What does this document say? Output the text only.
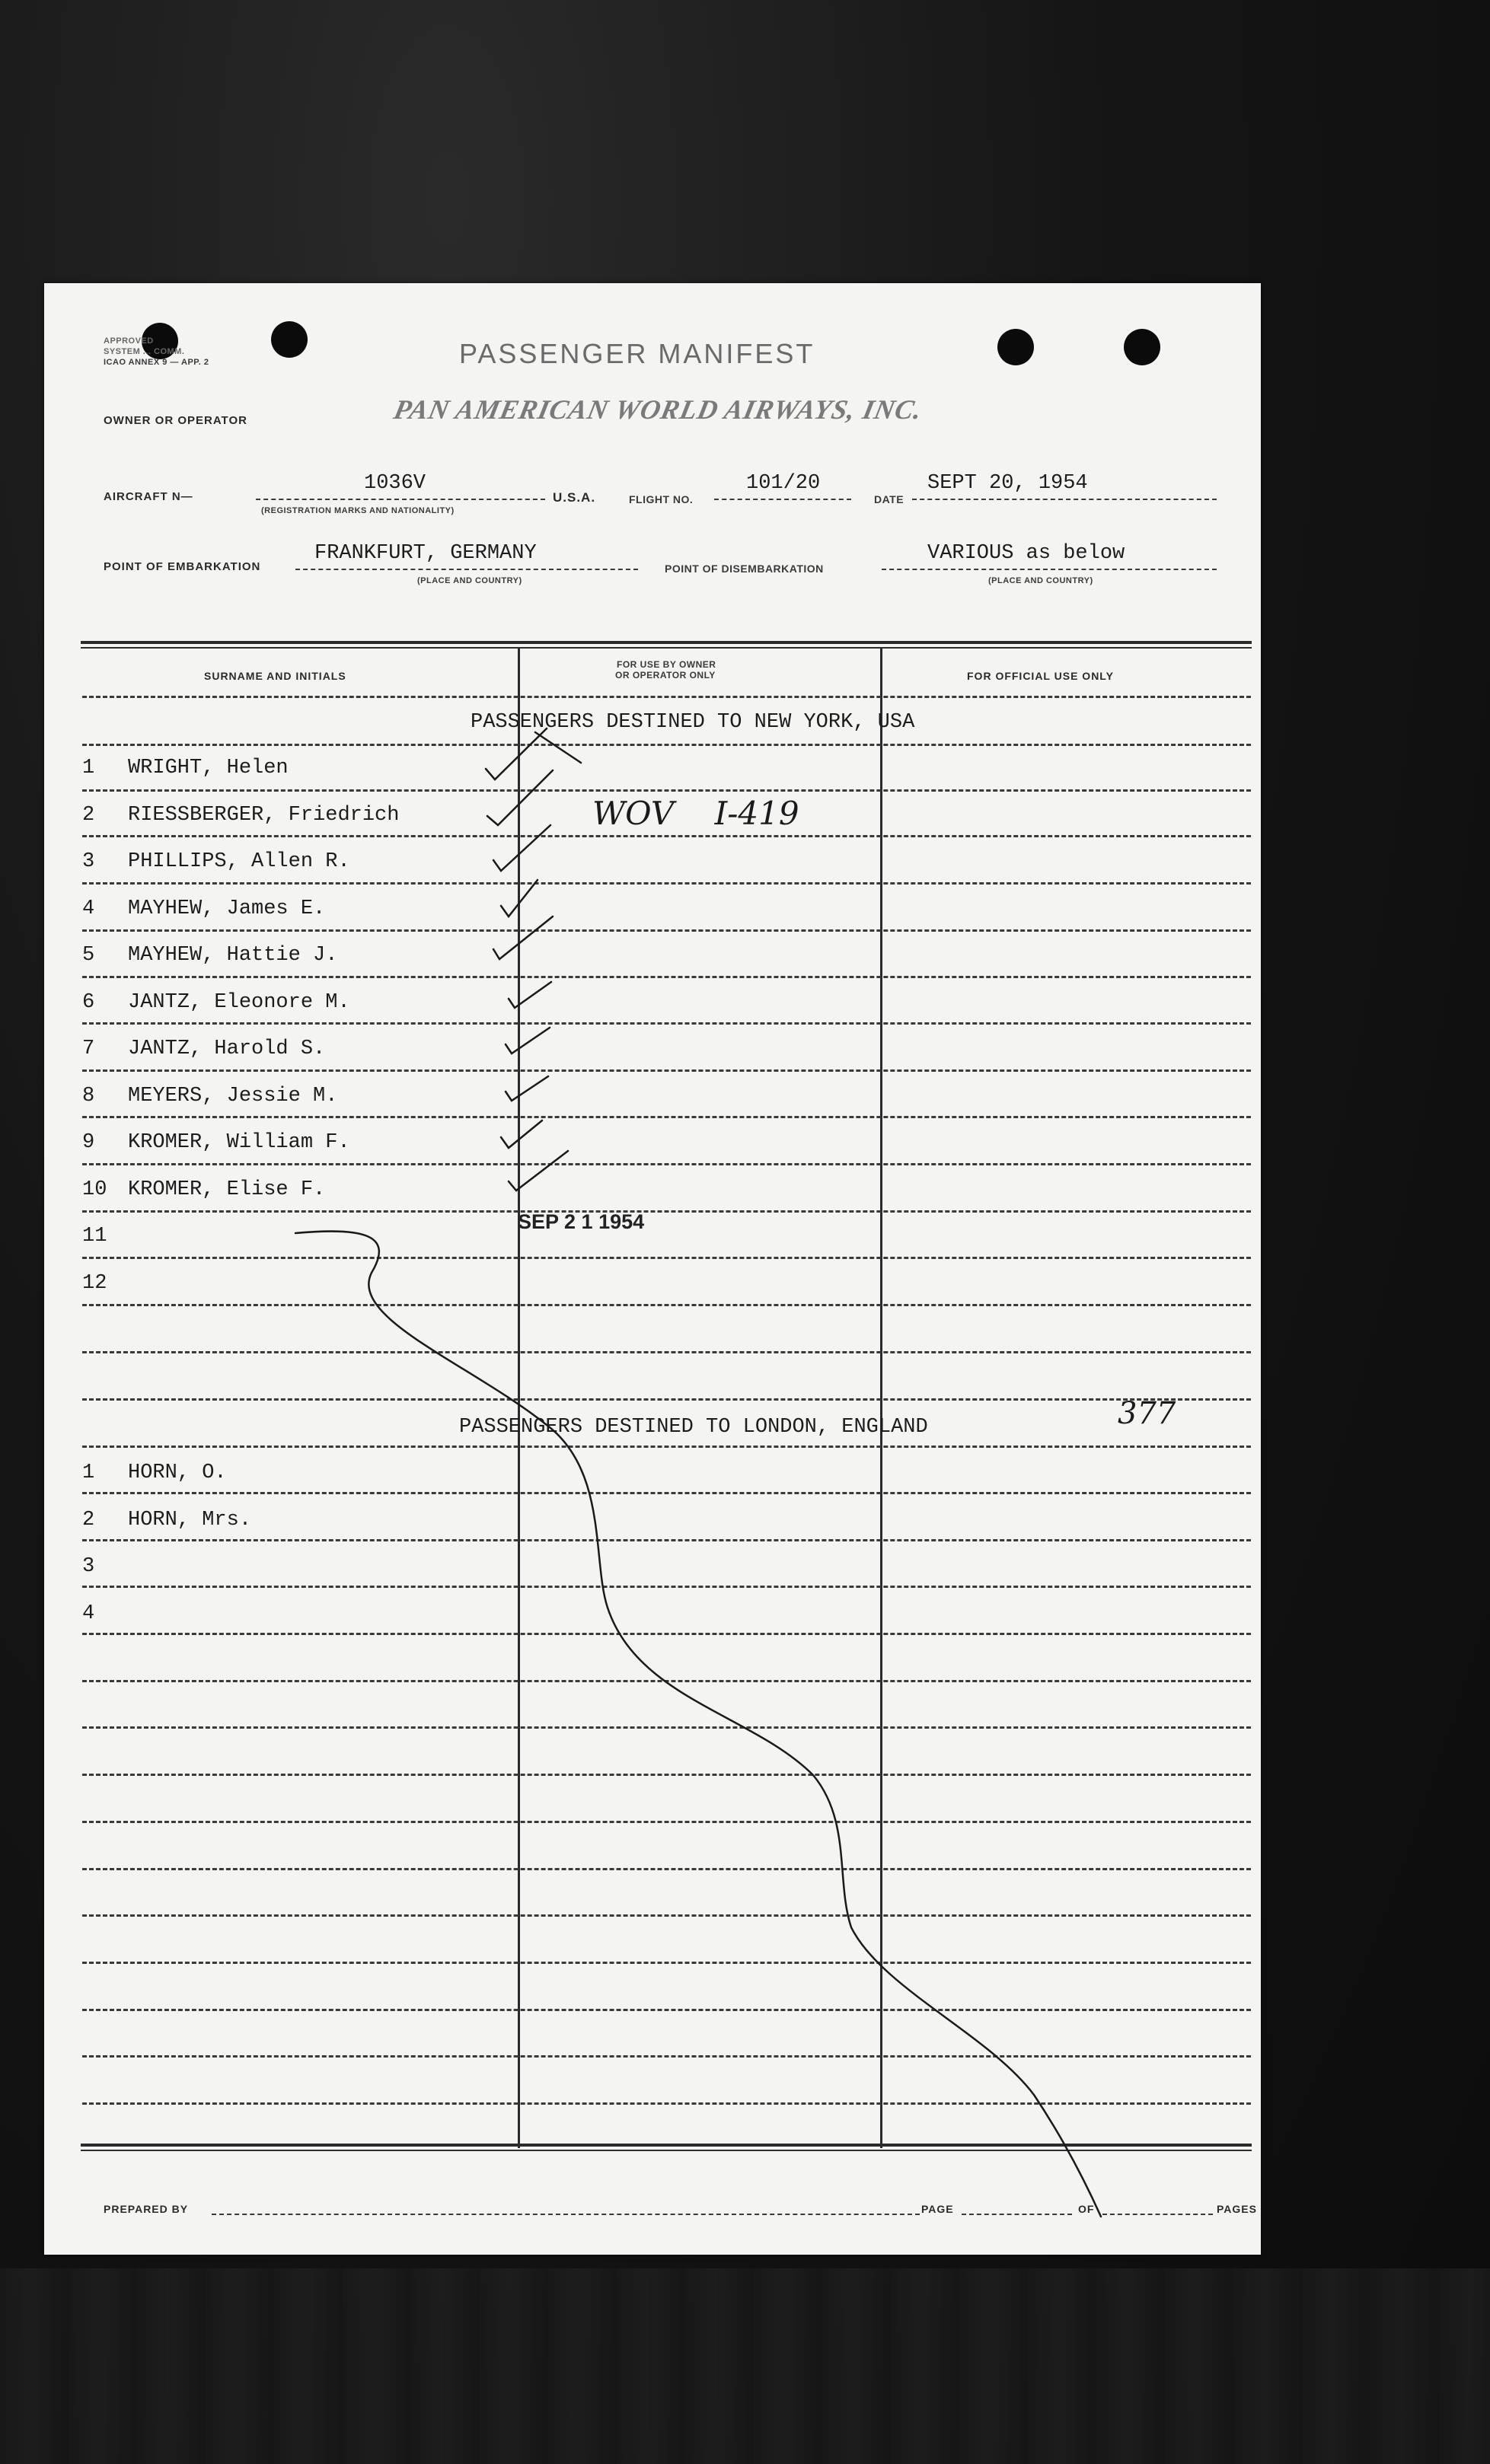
APPROVED
SYSTEM ... COMM.
ICAO ANNEX 9 — APP. 2	PASSENGER MANIFEST
OWNER OR OPERATOR	PAN AMERICAN WORLD AIRWAYS, INC.
AIRCRAFT N—
1036V
(REGISTRATION MARKS AND NATIONALITY)
U.S.A.	FLIGHT NO.
101/20
DATE
SEPT 20, 1954
POINT OF EMBARKATION
FRANKFURT, GERMANY
(PLACE AND COUNTRY)
POINT OF DISEMBARKATION
VARIOUS as below
(PLACE AND COUNTRY)
SURNAME AND INITIALS
FOR USE BY OWNER
OR OPERATOR ONLY	FOR OFFICIAL USE ONLY
PASSENGERS DESTINED TO NEW YORK, USA
1 WRIGHT, Helen
2 RIESSBERGER, Friedrich
3 PHILLIPS, Allen R.
4 MAYHEW, James E.
5 MAYHEW, Hattie J.
6 JANTZ, Eleonore M.
7 JANTZ, Harold S.
8 MEYERS, Jessie M.
9 KROMER, William F.
10 KROMER, Elise F.
11
12
WOV    I-419
SEP 2 1 1954
PASSENGERS DESTINED TO LONDON, ENGLAND	377
1 HORN, O.
2 HORN, Mrs.
3
4
PREPARED BY	PAGE	OF	PAGES
